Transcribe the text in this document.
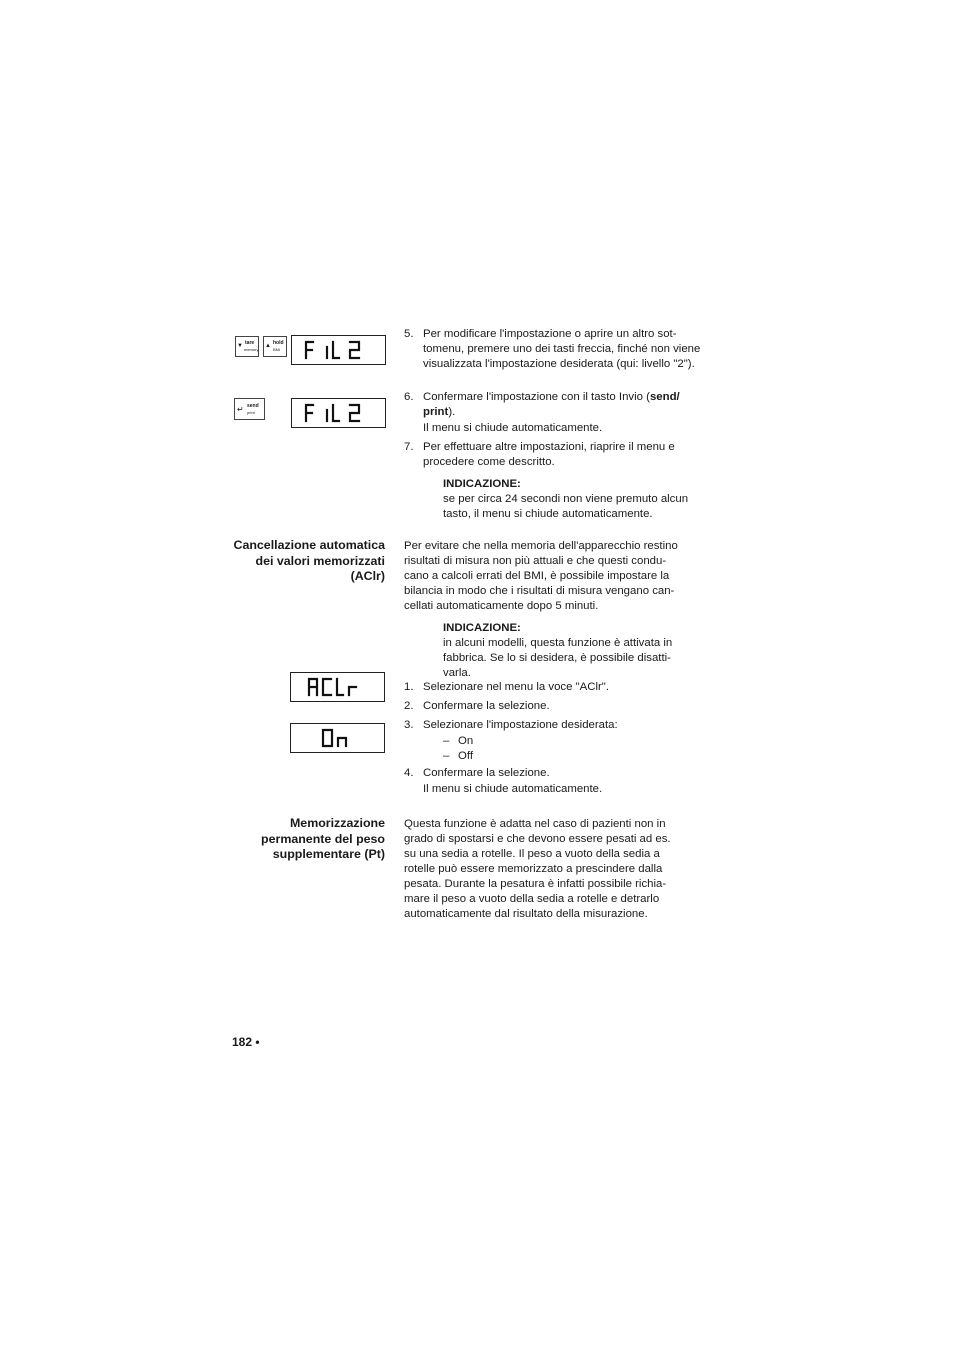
▼ tare
memory
▲ hold
BMI
↵ send
print
5. Per modificare l'impostazione o aprire un altro sot-tomenu, premere uno dei tasti freccia, finché non viene visualizzata l'impostazione desiderata (qui: livello "2").
6. Confermare l'impostazione con il tasto Invio (send/ print).
Il menu si chiude automaticamente.
7. Per effettuare altre impostazioni, riaprire il menu e procedere come descritto.
INDICAZIONE:
se per circa 24 secondi non viene premuto alcun tasto, il menu si chiude automaticamente.
Cancellazione automatica dei valori memorizzati (AClr)
Per evitare che nella memoria dell'apparecchio restino risultati di misura non più attuali e che questi condu-cano a calcoli errati del BMI, è possibile impostare la bilancia in modo che i risultati di misura vengano can-cellati automaticamente dopo 5 minuti.
INDICAZIONE:
in alcuni modelli, questa funzione è attivata in fabbrica. Se lo si desidera, è possibile disatti-varla.
1. Selezionare nel menu la voce "AClr".
2. Confermare la selezione.
3. Selezionare l'impostazione desiderata:
– On
– Off
4. Confermare la selezione.
Il menu si chiude automaticamente.
Memorizzazione permanente del peso supplementare (Pt)
Questa funzione è adatta nel caso di pazienti non in grado di spostarsi e che devono essere pesati ad es. su una sedia a rotelle. Il peso a vuoto della sedia a rotelle può essere memorizzato a prescindere dalla pesata. Durante la pesatura è infatti possibile richia-mare il peso a vuoto della sedia a rotelle e detrarlo automaticamente dal risultato della misurazione.
182 •
